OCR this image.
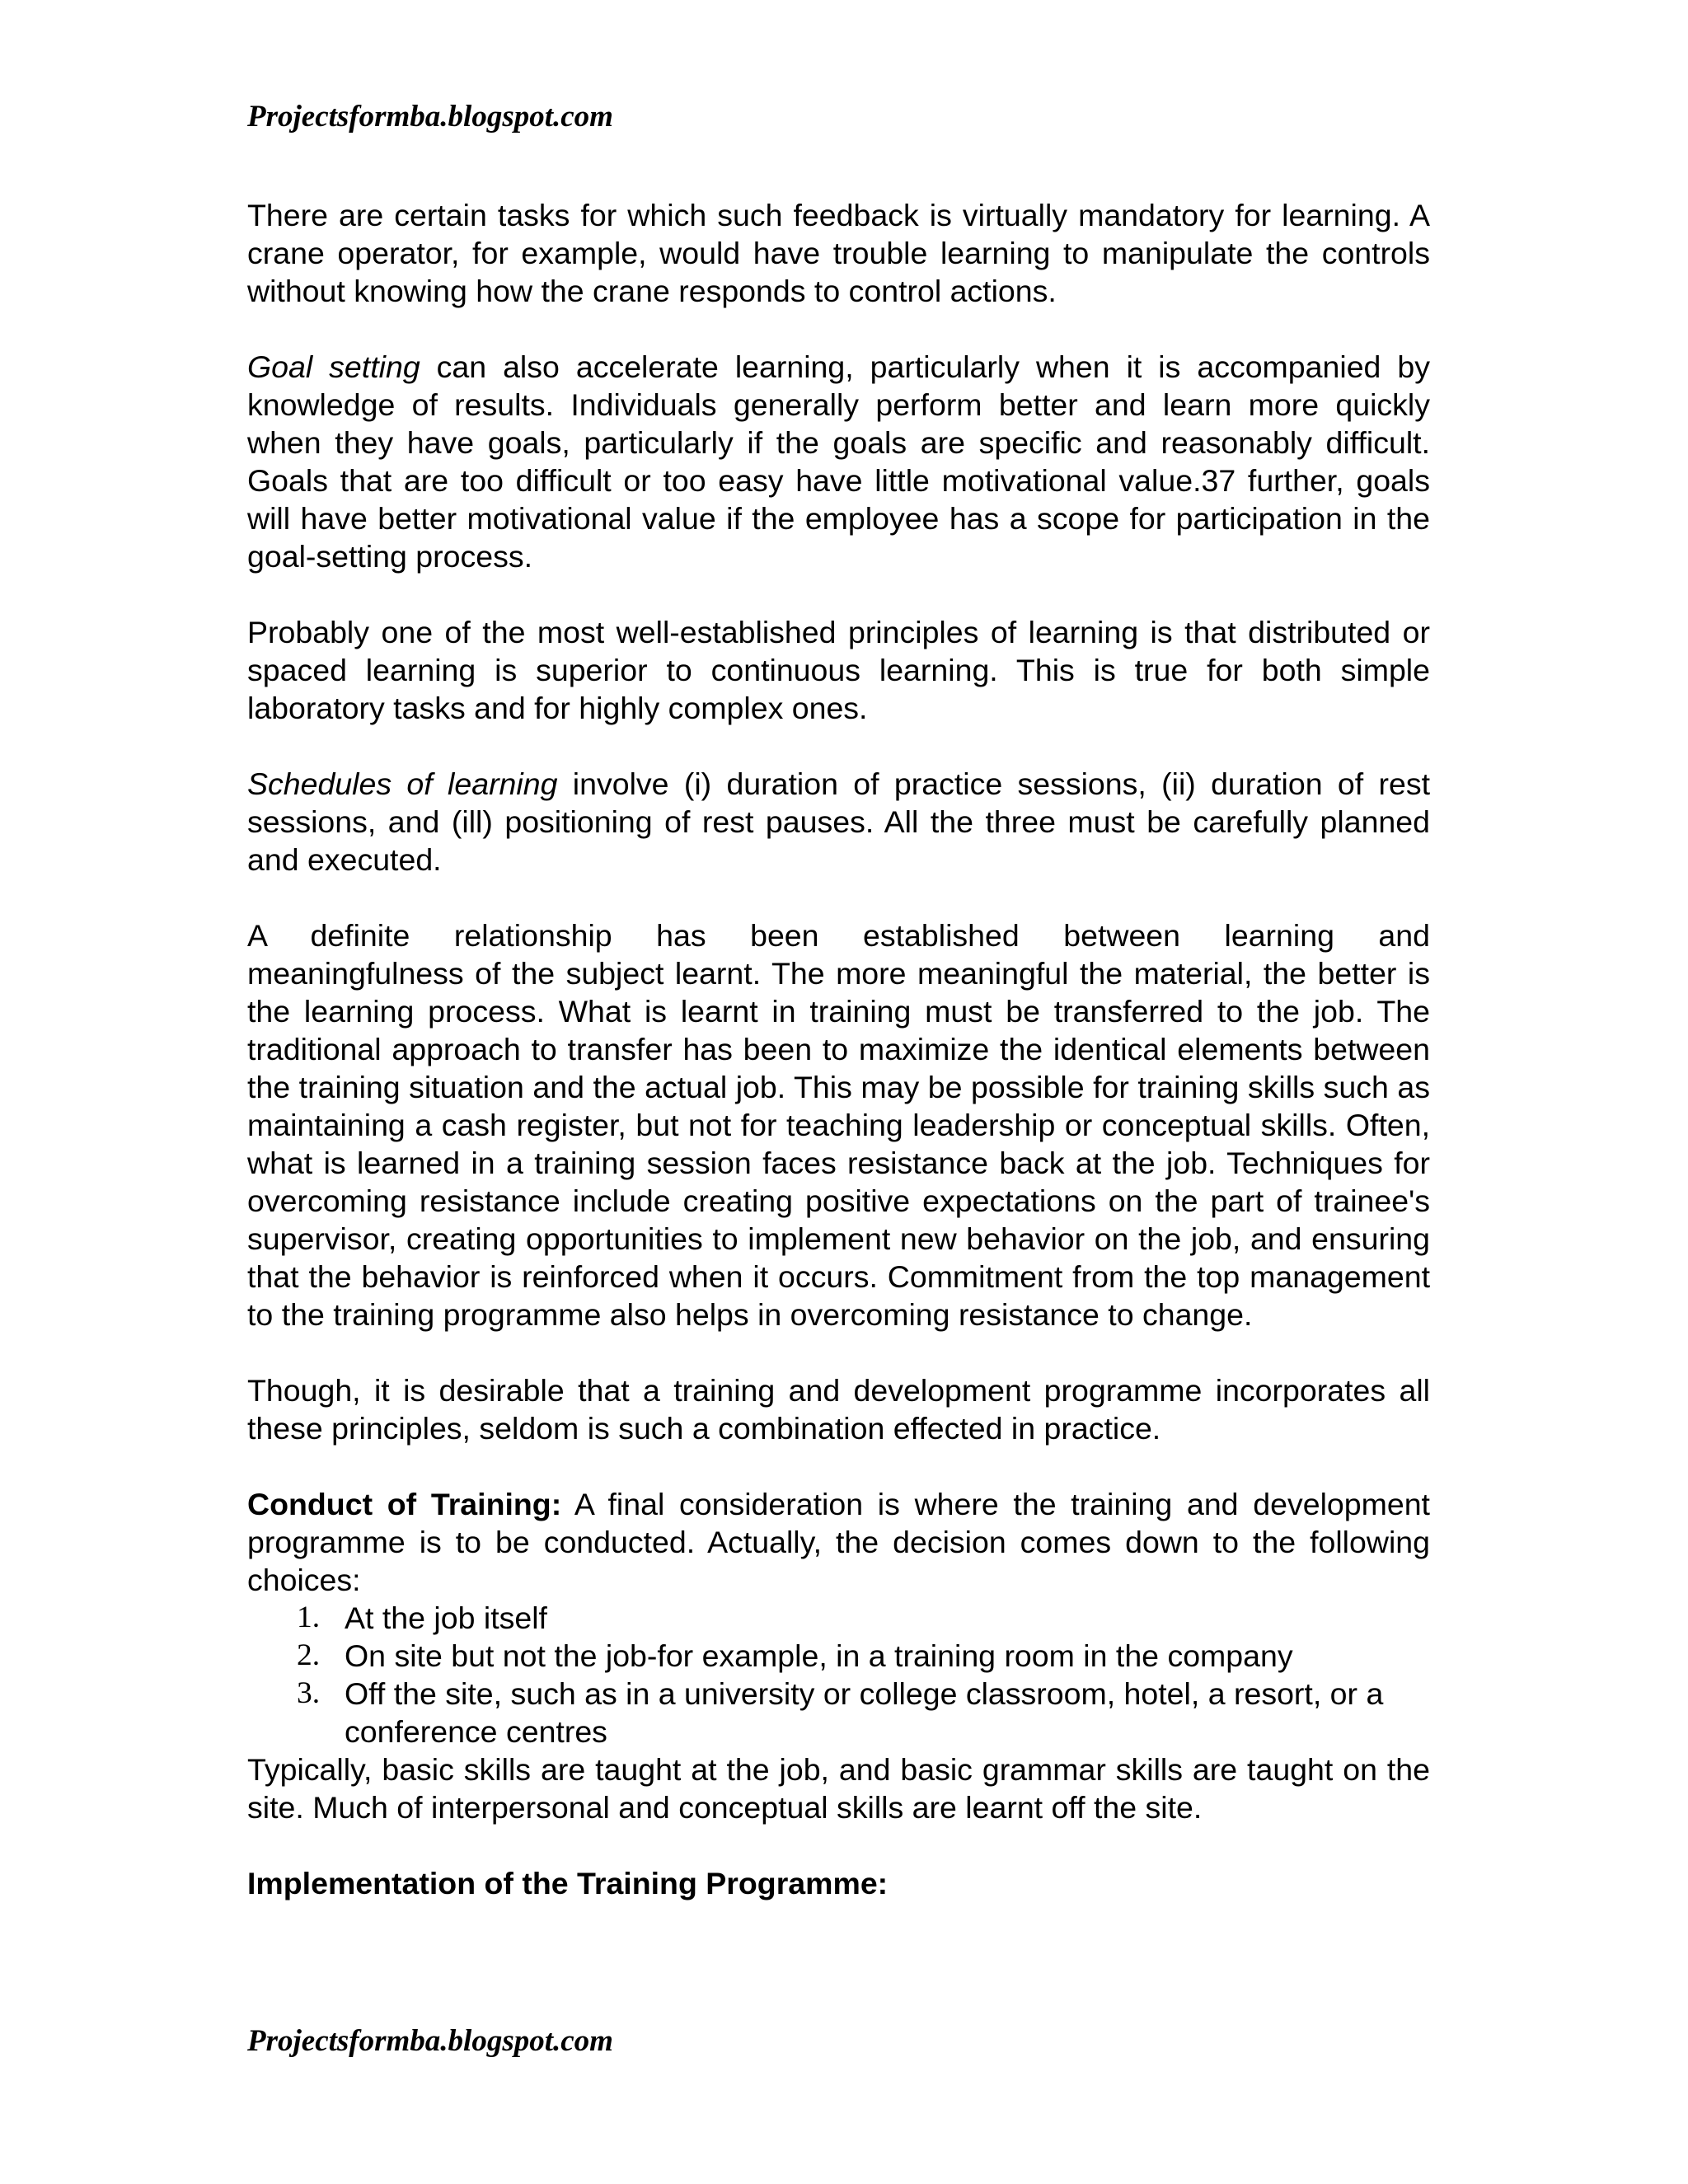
Projectsformba.blogspot.com

There are certain tasks for which such feedback is virtually mandatory for learning. A crane operator, for example, would have trouble learning to manipulate the controls without knowing how the crane responds to control actions.

Goal setting can also accelerate learning, particularly when it is accompanied by knowledge of results. Individuals generally perform better and learn more quickly when they have goals, particularly if the goals are specific and reasonably difficult. Goals that are too difficult or too easy have little motivational value.37 further, goals will have better motivational value if the employee has a scope for participation in the goal-setting process.

Probably one of the most well-established principles of learning is that distributed or spaced learning is superior to continuous learning. This is true for both simple laboratory tasks and for highly complex ones.

Schedules of learning involve (i) duration of practice sessions, (ii) duration of rest sessions, and (ill) positioning of rest pauses. All the three must be carefully planned and executed.

A definite relationship has been established between learning and

meaningfulness of the subject learnt. The more meaningful the material, the better is the learning process. What is learnt in training must be transferred to the job. The traditional approach to transfer has been to maximize the identical elements between the training situation and the actual job. This may be possible for training skills such as maintaining a cash register, but not for teaching leadership or conceptual skills. Often, what is learned in a training session faces resistance back at the job. Techniques for overcoming resistance include creating positive expectations on the part of trainee's supervisor, creating opportunities to implement new behavior on the job, and ensuring that the behavior is reinforced when it occurs. Commitment from the top management to the training programme also helps in overcoming resistance to change.

Though, it is desirable that a training and development programme incorporates all these principles, seldom is such a combination effected in practice.

Conduct of Training: A final consideration is where the training and development programme is to be conducted. Actually, the decision comes down to the following choices:

1. At the job itself
2. On site but not the job-for example, in a training room in the company
3. Off the site, such as in a university or college classroom, hotel, a resort, or a conference centres

Typically, basic skills are taught at the job, and basic grammar skills are taught on the site. Much of interpersonal and conceptual skills are learnt off the site.

Implementation of the Training Programme:
Projectsformba.blogspot.com
